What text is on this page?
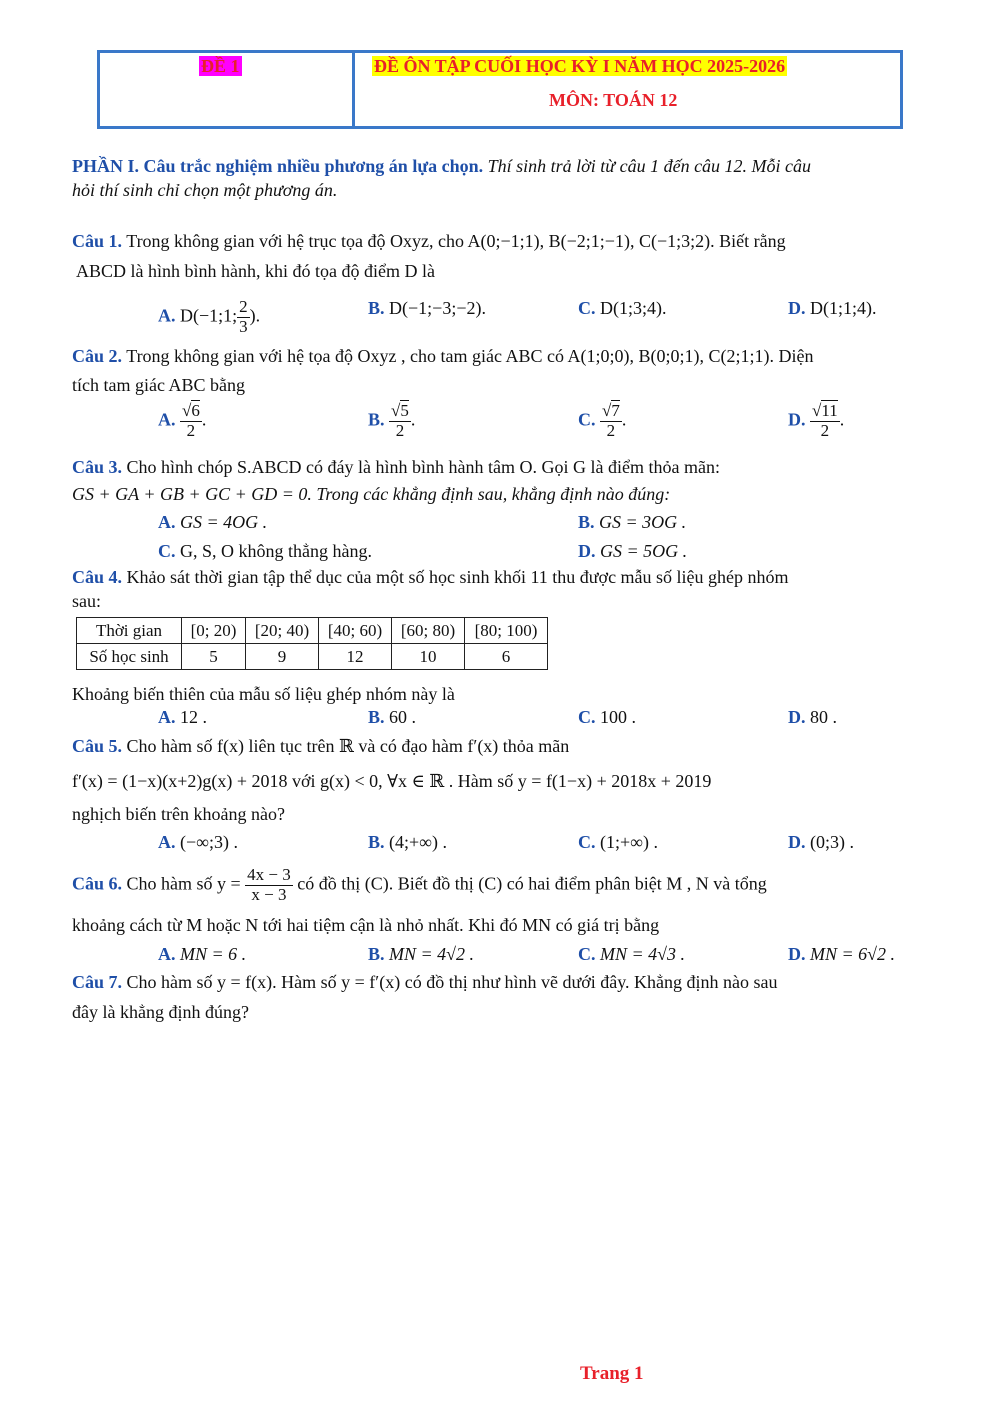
ĐỀ 1	ĐỀ ÔN TẬP CUỐI HỌC KỲ I NĂM HỌC 2025-2026
MÔN: TOÁN 12
PHẦN I. Câu trắc nghiệm nhiều phương án lựa chọn. Thí sinh trả lời từ câu 1 đến câu 12. Mỗi câu
hỏi thí sinh chỉ chọn một phương án.
Câu 1. Trong không gian với hệ trục tọa độ Oxyz, cho A(0;−1;1), B(−2;1;−1), C(−1;3;2). Biết rằng
ABCD là hình bình hành, khi đó tọa độ điểm D là
A. D(−1;1; $\frac{2}{3}$ ).	B. D(−1;−3;−2).	C. D(1;3;4).	D. D(1;1;4).
Câu 2. Trong không gian với hệ tọa độ Oxyz , cho tam giác ABC có A(1;0;0), B(0;0;1), C(2;1;1). Diện
tích tam giác ABC bằng
A. $\frac{√6}{2}$ .	B. $\frac{√5}{2}$ .	C. $\frac{√7}{2}$ .	D. $\frac{√11}{2}$ .
Câu 3. Cho hình chóp S.ABCD có đáy là hình bình hành tâm O. Gọi G là điểm thỏa mãn:
GS + GA + GB + GC + GD = 0. Trong các khẳng định sau, khẳng định nào đúng:
A. GS = 4OG .	B. GS = 3OG .
C. G, S, O không thẳng hàng.	D. GS = 5OG .
Câu 4. Khảo sát thời gian tập thể dục của một số học sinh khối 11 thu được mẫu số liệu ghép nhóm
sau:
Thời gian	[0; 20)	[20; 40)	[40; 60)	[60; 80)	[80; 100)
Số học sinh	5	9	12	10	6
Khoảng biến thiên của mẫu số liệu ghép nhóm này là
A. 12 .	B. 60 .	C. 100 .	D. 80 .
Câu 5. Cho hàm số f(x) liên tục trên ℝ và có đạo hàm f′(x) thỏa mãn
f′(x) = (1−x)(x+2)g(x) + 2018 với g(x) < 0, ∀x ∈ ℝ . Hàm số y = f(1−x) + 2018x + 2019
nghịch biến trên khoảng nào?
A. (−∞;3) .	B. (4;+∞) .	C. (1;+∞) .	D. (0;3) .
Câu 6. Cho hàm số $y = \frac{4x - 3}{x - 3}$ có đồ thị (C). Biết đồ thị (C) có hai điểm phân biệt M , N và tổng
khoảng cách từ M hoặc N tới hai tiệm cận là nhỏ nhất. Khi đó MN có giá trị bằng
A. MN = 6 .	B. MN = 4√2 .	C. MN = 4√3 .	D. MN = 6√2 .
Câu 7. Cho hàm số y = f(x). Hàm số y = f′(x) có đồ thị như hình vẽ dưới đây. Khẳng định nào sau
đây là khẳng định đúng?
Trang 1
